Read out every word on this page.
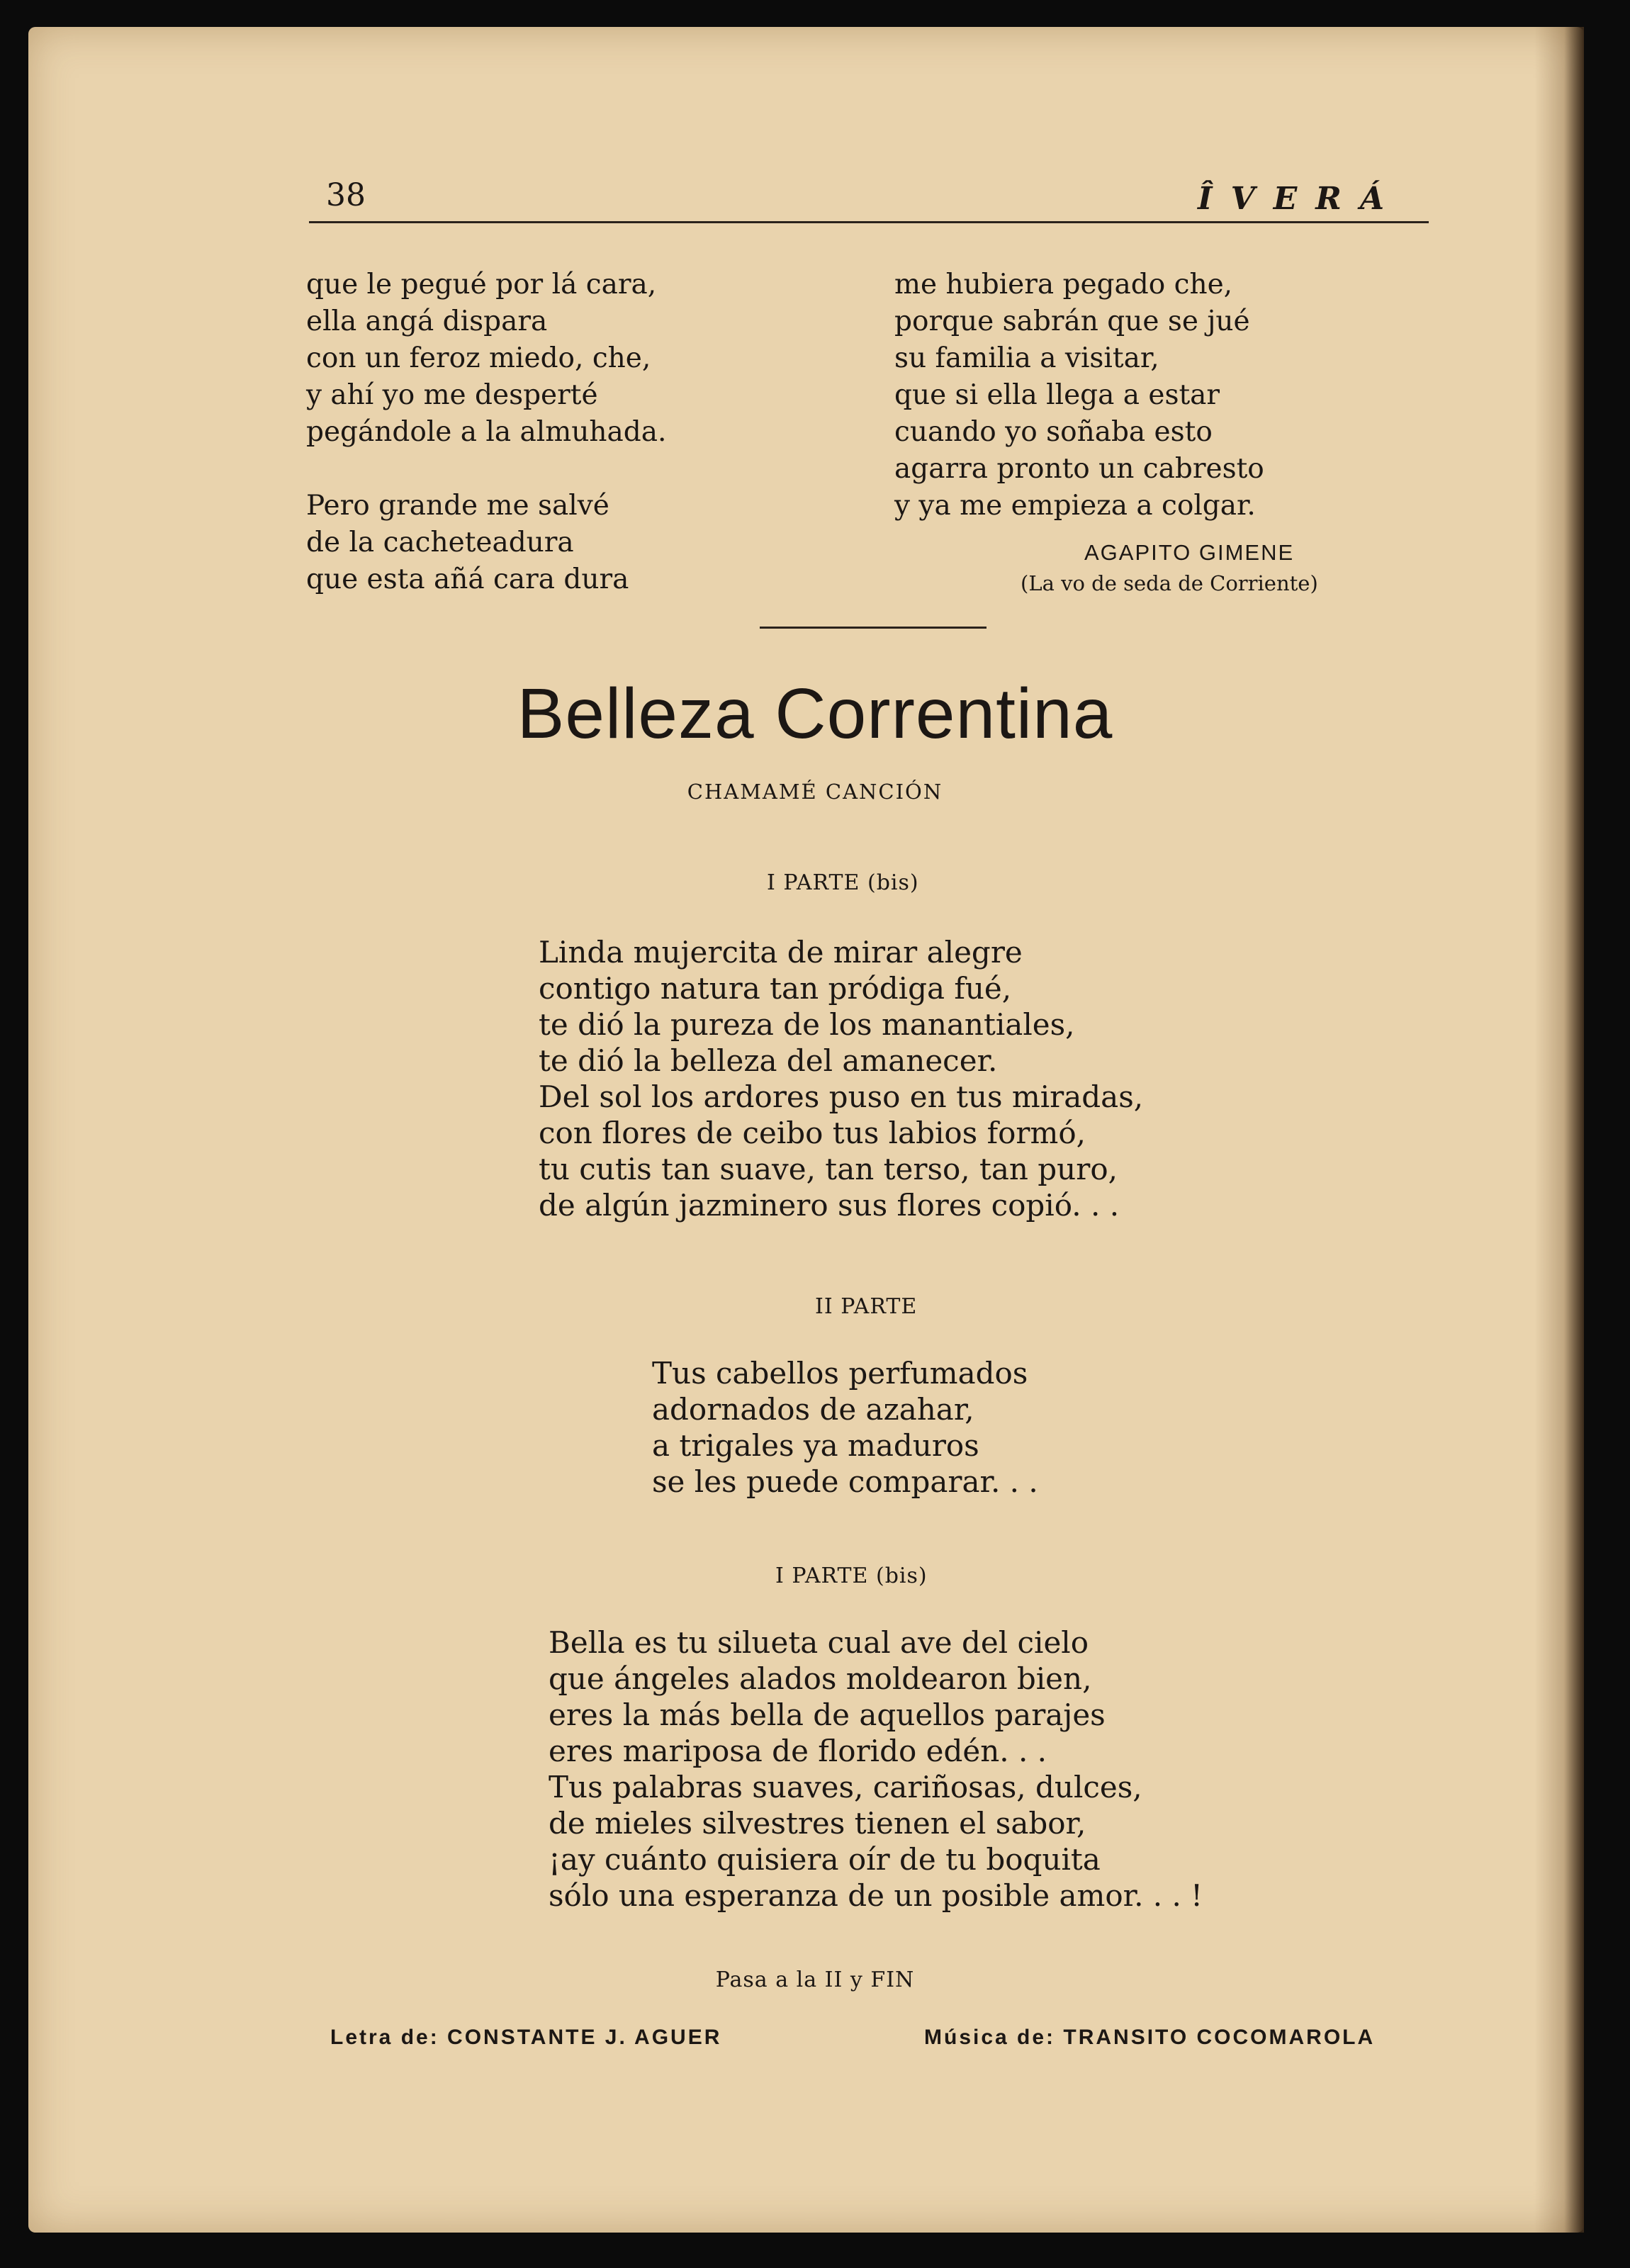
38	ÎVERÁ
que le pegué por lá cara,
ella angá dispara
con un feroz miedo, che,
y ahí yo me desperté
pegándole a la almuhada.

Pero grande me salvé
de la cacheteadura
que esta añá cara dura
me hubiera pegado che,
porque sabrán que se jué
su familia a visitar,
que si ella llega a estar
cuando yo soñaba esto
agarra pronto un cabresto
y ya me empieza a colgar.
AGAPITO GIMENE
(La vo de seda de Corriente)
Belleza Correntina
CHAMAMÉ CANCIÓN
I PARTE (bis)
Linda mujercita de mirar alegre
contigo natura tan pródiga fué,
te dió la pureza de los manantiales,
te dió la belleza del amanecer.
Del sol los ardores puso en tus miradas,
con flores de ceibo tus labios formó,
tu cutis tan suave, tan terso, tan puro,
de algún jazminero sus flores copió. . .
II PARTE
Tus cabellos perfumados
adornados de azahar,
a trigales ya maduros
se les puede comparar. . .
I PARTE (bis)
Bella es tu silueta cual ave del cielo
que ángeles alados moldearon bien,
eres la más bella de aquellos parajes
eres mariposa de florido edén. . .
Tus palabras suaves, cariñosas, dulces,
de mieles silvestres tienen el sabor,
¡ay cuánto quisiera oír de tu boquita
sólo una esperanza de un posible amor. . . !
Pasa a la II y FIN
Letra de: CONSTANTE J. AGUER	Música de: TRANSITO COCOMAROLA
